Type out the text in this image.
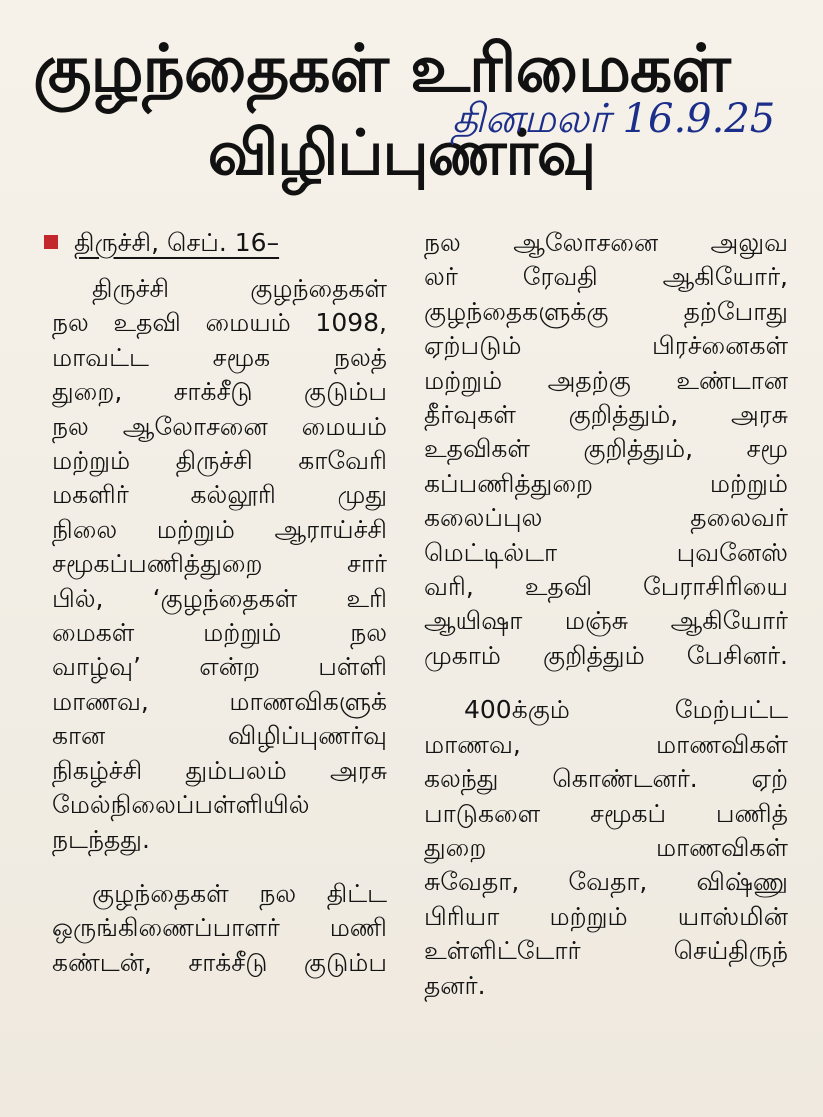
குழந்தைகள் உரிமைகள்
விழிப்புணர்வு
தினமலர் 16.9.25
திருச்சி, செப். 16–
திருச்சி குழந்தைகள்
நல உதவி மையம் 1098,
மாவட்ட சமூக நலத்
துறை, சாக்சீடு குடும்ப
நல ஆலோசனை மையம்
மற்றும் திருச்சி காவேரி
மகளிர் கல்லூரி முது
நிலை மற்றும் ஆராய்ச்சி
சமூகப்பணித்துறை சார்
பில், ‘குழந்தைகள் உரி
மைகள் மற்றும் நல
வாழ்வு’ என்ற பள்ளி
மாணவ, மாணவிகளுக்
கான விழிப்புணர்வு
நிகழ்ச்சி தும்பலம் அரசு
மேல்நிலைப்பள்ளியில்
நடந்தது.
குழந்தைகள் நல திட்ட
ஒருங்கிணைப்பாளர் மணி
கண்டன், சாக்சீடு குடும்ப
நல ஆலோசனை அலுவ
லர் ரேவதி ஆகியோர்,
குழந்தைகளுக்கு தற்போது
ஏற்படும் பிரச்னைகள்
மற்றும் அதற்கு உண்டான
தீர்வுகள் குறித்தும், அரசு
உதவிகள் குறித்தும், சமூ
கப்பணித்துறை மற்றும்
கலைப்புல தலைவர்
மெட்டில்டா புவனேஸ்
வரி, உதவி பேராசிரியை
ஆயிஷா மஞ்சு ஆகியோர்
முகாம் குறித்தும் பேசினர்.
400க்கும் மேற்பட்ட
மாணவ, மாணவிகள்
கலந்து கொண்டனர். ஏற்
பாடுகளை சமூகப் பணித்
துறை மாணவிகள்
சுவேதா, வேதா, விஷ்ணு
பிரியா மற்றும் யாஸ்மின்
உள்ளிட்டோர் செய்திருந்
தனர்.
